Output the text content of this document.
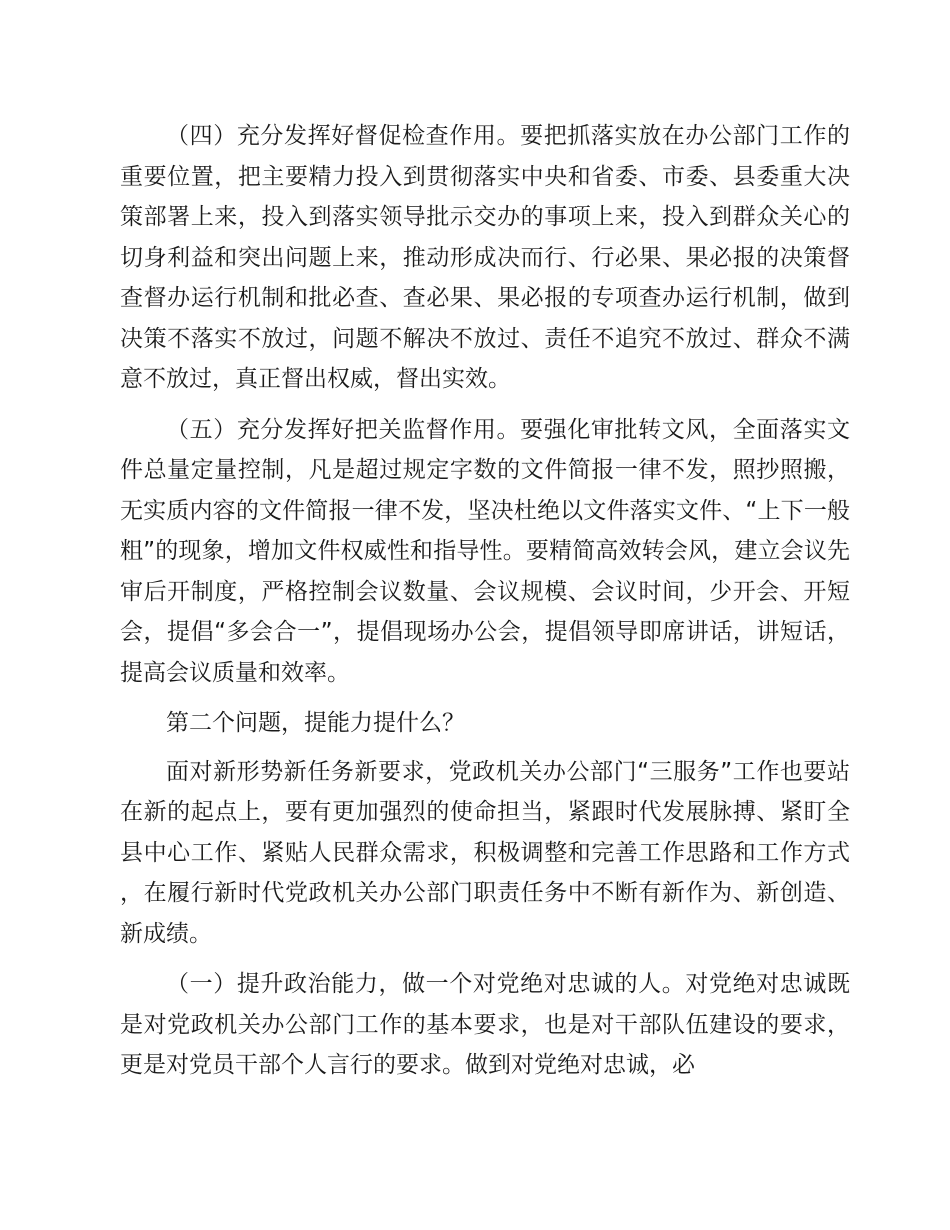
（四）充分发挥好督促检查作用。要把抓落实放在办公部门工作的重要位置，把主要精力投入到贯彻落实中央和省委、市委、县委重大决策部署上来，投入到落实领导批示交办的事项上来，投入到群众关心的切身利益和突出问题上来，推动形成决而行、行必果、果必报的决策督查督办运行机制和批必查、查必果、果必报的专项查办运行机制，做到决策不落实不放过，问题不解决不放过、责任不追究不放过、群众不满意不放过，真正督出权威，督出实效。

（五）充分发挥好把关监督作用。要强化审批转文风，全面落实文件总量定量控制，凡是超过规定字数的文件简报一律不发，照抄照搬，无实质内容的文件简报一律不发，坚决杜绝以文件落实文件、“上下一般粗”的现象，增加文件权威性和指导性。要精简高效转会风，建立会议先审后开制度，严格控制会议数量、会议规模、会议时间，少开会、开短会，提倡“多会合一”，提倡现场办公会，提倡领导即席讲话，讲短话，提高会议质量和效率。

第二个问题，提能力提什么？

面对新形势新任务新要求，党政机关办公部门“三服务”工作也要站在新的起点上，要有更加强烈的使命担当，紧跟时代发展脉搏、紧盯全县中心工作、紧贴人民群众需求，积极调整和完善工作思路和工作方式，在履行新时代党政机关办公部门职责任务中不断有新作为、新创造、新成绩。

（一）提升政治能力，做一个对党绝对忠诚的人。对党绝对忠诚既是对党政机关办公部门工作的基本要求，也是对干部队伍建设的要求，更是对党员干部个人言行的要求。做到对党绝对忠诚，必
